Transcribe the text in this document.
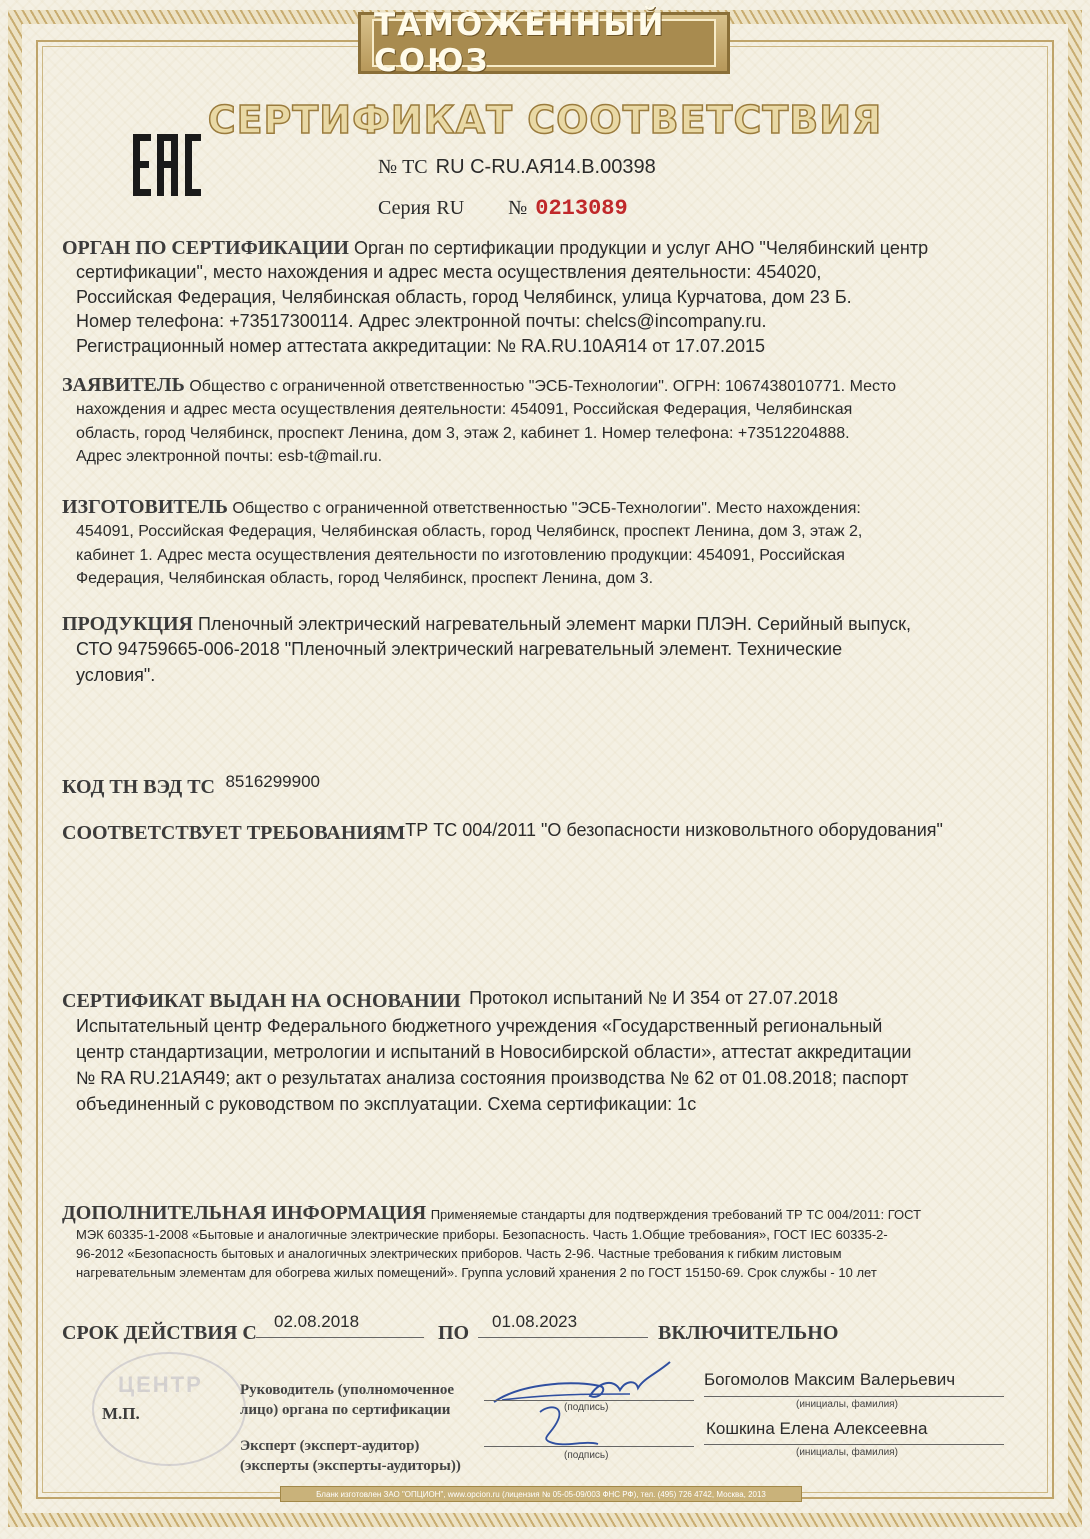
ТАМОЖЕННЫЙ СОЮЗ
СЕРТИФИКАТ СООТВЕТСТВИЯ
№ ТС RU C-RU.АЯ14.В.00398
Серия RU № 0213089
ОРГАН ПО СЕРТИФИКАЦИИ Орган по сертификации продукции и услуг АНО "Челябинский центр
сертификации", место нахождения и адрес места осуществления деятельности: 454020,
Российская Федерация, Челябинская область, город Челябинск, улица Курчатова, дом 23 Б.
Номер телефона: +73517300114. Адрес электронной почты: chelcs@incompany.ru.
Регистрационный номер аттестата аккредитации: № RA.RU.10АЯ14 от 17.07.2015
ЗАЯВИТЕЛЬ Общество с ограниченной ответственностью "ЭСБ-Технологии". ОГРН: 1067438010771. Место
нахождения и адрес места осуществления деятельности: 454091, Российская Федерация, Челябинская
область, город Челябинск, проспект Ленина, дом 3, этаж 2, кабинет 1. Номер телефона: +73512204888.
Адрес электронной почты: esb-t@mail.ru.
ИЗГОТОВИТЕЛЬ Общество с ограниченной ответственностью "ЭСБ-Технологии". Место нахождения:
454091, Российская Федерация, Челябинская область, город Челябинск, проспект Ленина, дом 3, этаж 2,
кабинет 1. Адрес места осуществления деятельности по изготовлению продукции: 454091, Российская
Федерация, Челябинская область, город Челябинск, проспект Ленина, дом 3.
ПРОДУКЦИЯ Пленочный электрический нагревательный элемент марки ПЛЭН. Серийный выпуск,
СТО 94759665-006-2018 "Пленочный электрический нагревательный элемент. Технические
условия".
КОД ТН ВЭД ТС 8516299900
СООТВЕТСТВУЕТ ТРЕБОВАНИЯМТР ТС 004/2011 "О безопасности низковольтного оборудования"
СЕРТИФИКАТ ВЫДАН НА ОСНОВАНИИ Протокол испытаний № И 354 от 27.07.2018
Испытательный центр Федерального бюджетного учреждения «Государственный региональный
центр стандартизации, метрологии и испытаний в Новосибирской области», аттестат аккредитации
№ RA RU.21АЯ49; акт о результатах анализа состояния производства № 62 от 01.08.2018; паспорт
объединенный с руководством по эксплуатации. Схема сертификации: 1с
ДОПОЛНИТЕЛЬНАЯ ИНФОРМАЦИЯ Применяемые стандарты для подтверждения требований ТР ТС 004/2011: ГОСТ
МЭК 60335-1-2008 «Бытовые и аналогичные электрические приборы. Безопасность. Часть 1.Общие требования», ГОСТ IEC 60335-2-
96-2012 «Безопасность бытовых и аналогичных электрических приборов. Часть 2-96. Частные требования к гибким листовым
нагревательным элементам для обогрева жилых помещений». Группа условий хранения 2 по ГОСТ 15150-69. Срок службы - 10 лет
СРОК ДЕЙСТВИЯ С
02.08.2018
ПО
01.08.2023
ВКЛЮЧИТЕЛЬНО
ЦЕНТР
М.П.
Руководитель (уполномоченное
лицо) органа по сертификации
Эксперт (эксперт-аудитор)
(эксперты (эксперты-аудиторы))
(подпись)
Богомолов Максим Валерьевич
(инициалы, фамилия)
(подпись)
Кошкина Елена Алексеевна
(инициалы, фамилия)
Бланк изготовлен ЗАО "ОПЦИОН", www.opcion.ru (лицензия № 05-05-09/003 ФНС РФ), тел. (495) 726 4742, Москва, 2013
